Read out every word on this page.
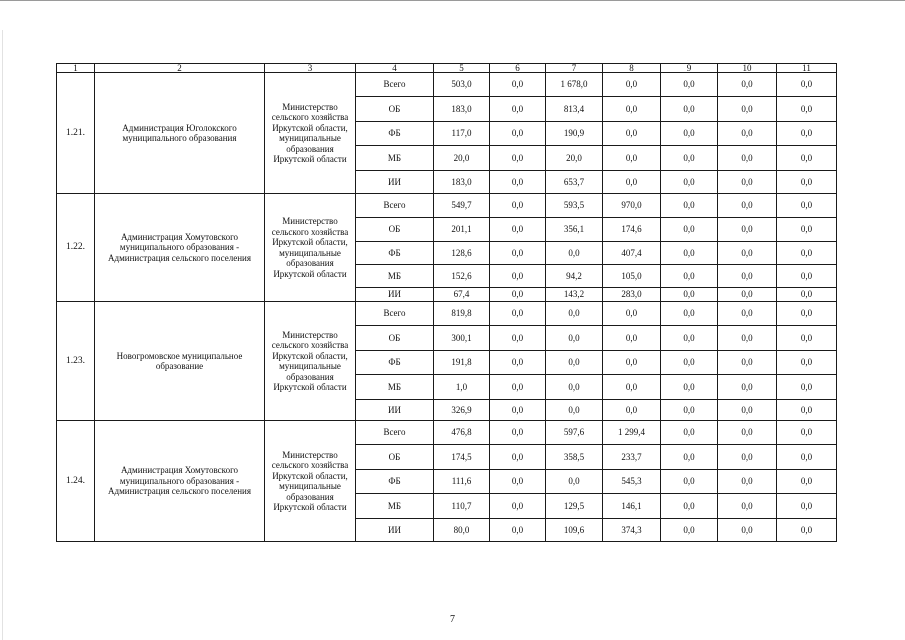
1	2	3	4	5	6	7	8	9	10	11
1.21.	Администрация Юголокского муниципального образования	Министерство сельского хозяйства Иркутской области, муниципальные образования Иркутской области	Всего	503,0	0,0	1 678,0	0,0	0,0	0,0	0,0
			ОБ	183,0	0,0	813,4	0,0	0,0	0,0	0,0
			ФБ	117,0	0,0	190,9	0,0	0,0	0,0	0,0
			МБ	20,0	0,0	20,0	0,0	0,0	0,0	0,0
			ИИ	183,0	0,0	653,7	0,0	0,0	0,0	0,0
1.22.	Администрация Хомутовского муниципального образования - Администрация сельского поселения	Министерство сельского хозяйства Иркутской области, муниципальные образования Иркутской области	Всего	549,7	0,0	593,5	970,0	0,0	0,0	0,0
			ОБ	201,1	0,0	356,1	174,6	0,0	0,0	0,0
			ФБ	128,6	0,0	0,0	407,4	0,0	0,0	0,0
			МБ	152,6	0,0	94,2	105,0	0,0	0,0	0,0
			ИИ	67,4	0,0	143,2	283,0	0,0	0,0	0,0
1.23.	Новогромовское муниципальное образование	Министерство сельского хозяйства Иркутской области, муниципальные образования Иркутской области	Всего	819,8	0,0	0,0	0,0	0,0	0,0	0,0
			ОБ	300,1	0,0	0,0	0,0	0,0	0,0	0,0
			ФБ	191,8	0,0	0,0	0,0	0,0	0,0	0,0
			МБ	1,0	0,0	0,0	0,0	0,0	0,0	0,0
			ИИ	326,9	0,0	0,0	0,0	0,0	0,0	0,0
1.24.	Администрация Хомутовского муниципального образования - Администрация сельского поселения	Министерство сельского хозяйства Иркутской области, муниципальные образования Иркутской области	Всего	476,8	0,0	597,6	1 299,4	0,0	0,0	0,0
			ОБ	174,5	0,0	358,5	233,7	0,0	0,0	0,0
			ФБ	111,6	0,0	0,0	545,3	0,0	0,0	0,0
			МБ	110,7	0,0	129,5	146,1	0,0	0,0	0,0
			ИИ	80,0	0,0	109,6	374,3	0,0	0,0	0,0
7
